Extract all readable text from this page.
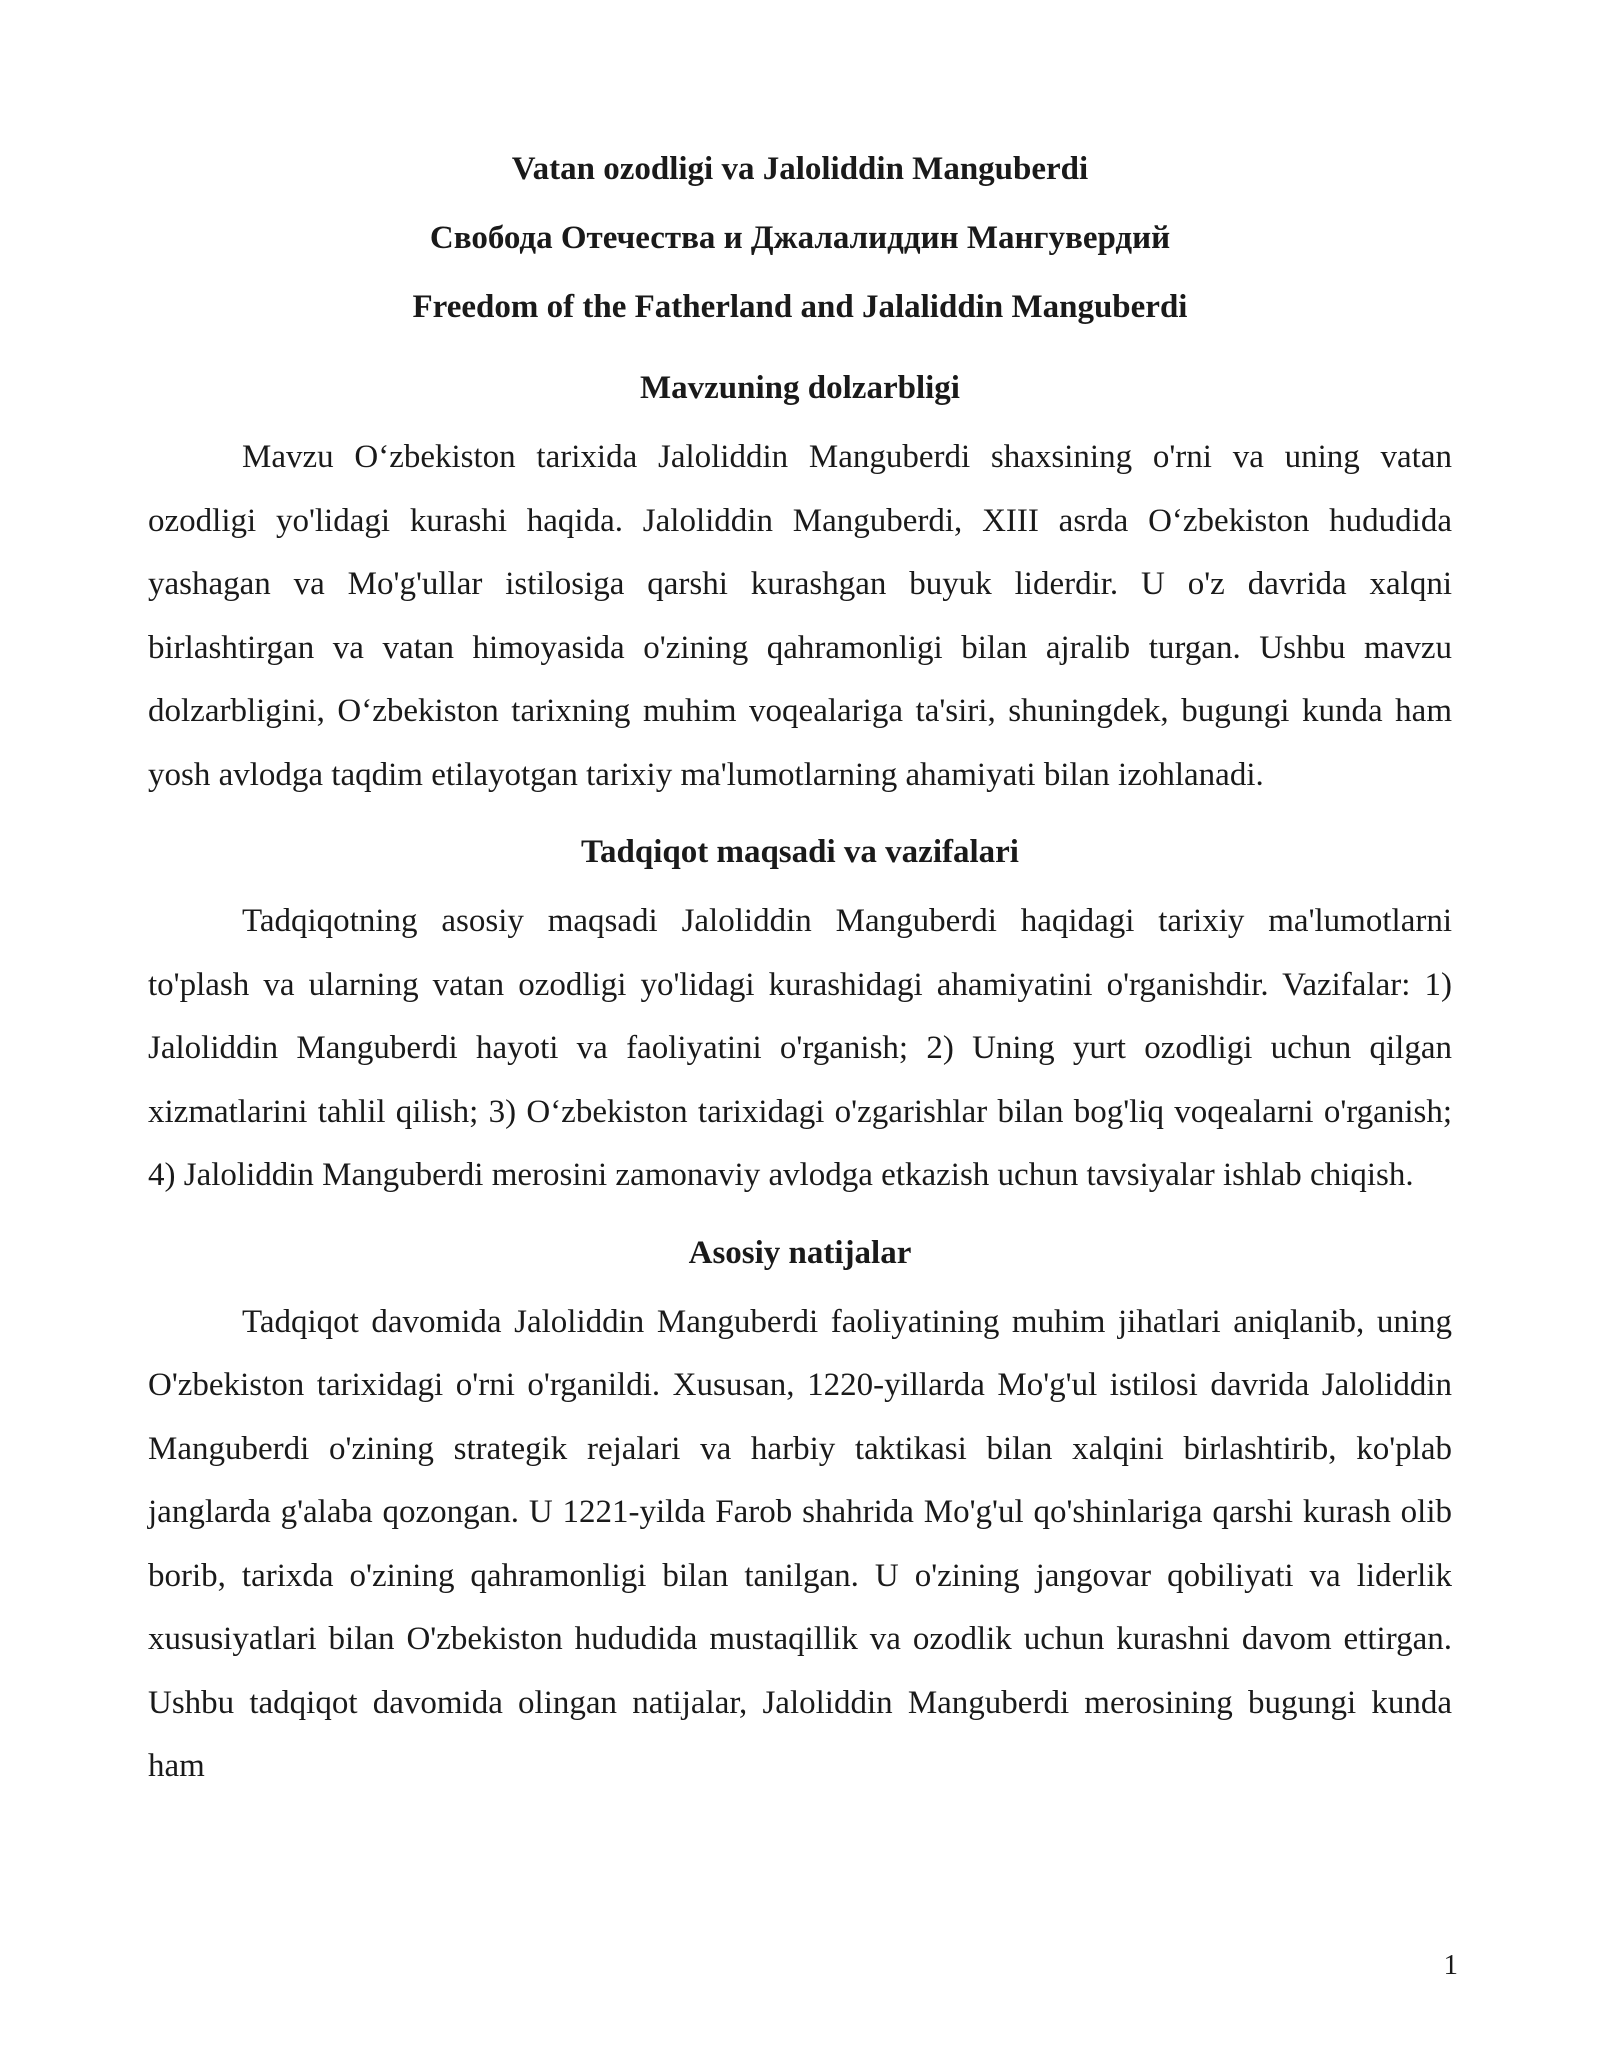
Vatan ozodligi va Jaloliddin Manguberdi
Свобода Отечества и Джалалиддин Мангувердий
Freedom of the Fatherland and Jalaliddin Manguberdi
Mavzuning dolzarbligi

Mavzu O‘zbekiston tarixida Jaloliddin Manguberdi shaxsining o'rni va uning vatan ozodligi yo'lidagi kurashi haqida. Jaloliddin Manguberdi, XIII asrda O‘zbekiston hududida yashagan va Mo'g'ullar istilosiga qarshi kurashgan buyuk liderdir. U o'z davrida xalqni birlashtirgan va vatan himoyasida o'zining qahramonligi bilan ajralib turgan. Ushbu mavzu dolzarbligini, O‘zbekiston tarixning muhim voqealariga ta'siri, shuningdek, bugungi kunda ham yosh avlodga taqdim etilayotgan tarixiy ma'lumotlarning ahamiyati bilan izohlanadi.

Tadqiqot maqsadi va vazifalari

Tadqiqotning asosiy maqsadi Jaloliddin Manguberdi haqidagi tarixiy ma'lumotlarni to'plash va ularning vatan ozodligi yo'lidagi kurashidagi ahamiyatini o'rganishdir. Vazifalar: 1) Jaloliddin Manguberdi hayoti va faoliyatini o'rganish; 2) Uning yurt ozodligi uchun qilgan xizmatlarini tahlil qilish; 3) O‘zbekiston tarixidagi o'zgarishlar bilan bog'liq voqealarni o'rganish; 4) Jaloliddin Manguberdi merosini zamonaviy avlodga etkazish uchun tavsiyalar ishlab chiqish.

Asosiy natijalar

Tadqiqot davomida Jaloliddin Manguberdi faoliyatining muhim jihatlari aniqlanib, uning O'zbekiston tarixidagi o'rni o'rganildi. Xususan, 1220-yillarda Mo'g'ul istilosi davrida Jaloliddin Manguberdi o'zining strategik rejalari va harbiy taktikasi bilan xalqini birlashtirib, ko'plab janglarda g'alaba qozongan. U 1221-yilda Farob shahrida Mo'g'ul qo'shinlariga qarshi kurash olib borib, tarixda o'zining qahramonligi bilan tanilgan. U o'zining jangovar qobiliyati va liderlik xususiyatlari bilan O'zbekiston hududida mustaqillik va ozodlik uchun kurashni davom ettirgan. Ushbu tadqiqot davomida olingan natijalar, Jaloliddin Manguberdi merosining bugungi kunda ham

1
